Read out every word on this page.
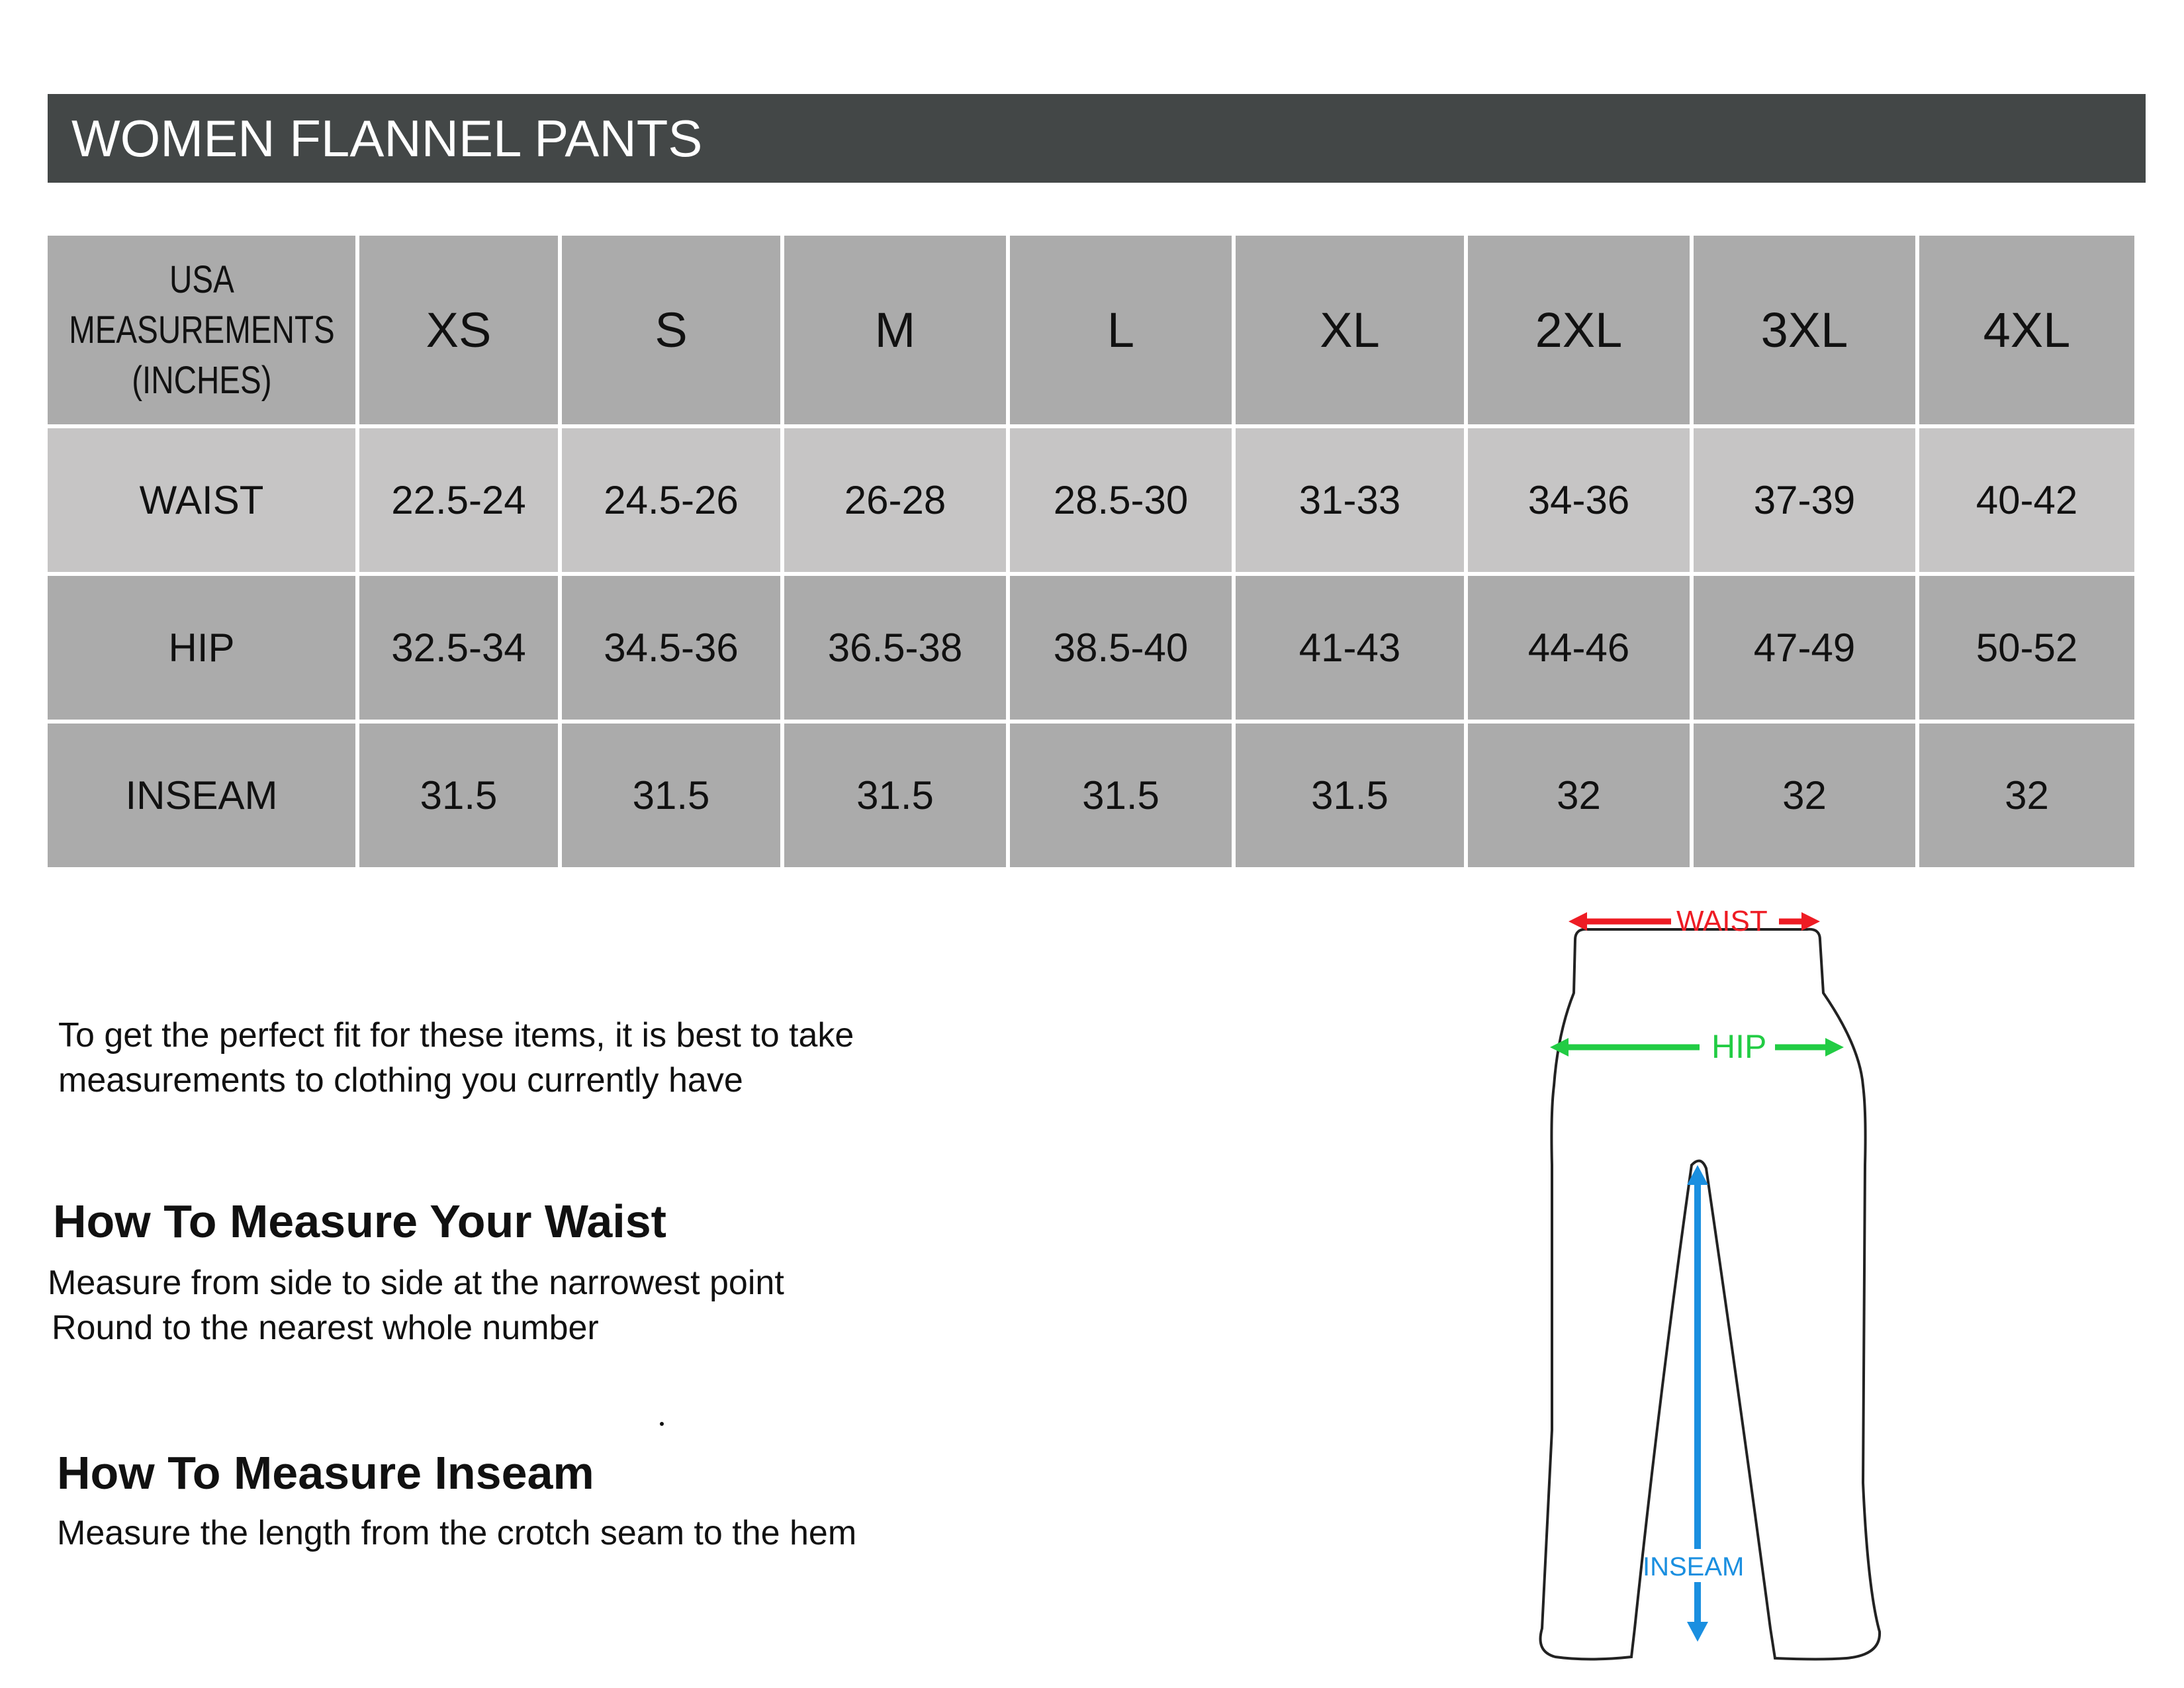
WOMEN FLANNEL PANTS
USA
MEASUREMENTS
(INCHES)
XS	S	M	L	XL	2XL	3XL	4XL
WAIST	22.5-24	24.5-26	26-28	28.5-30	31-33	34-36	37-39	40-42
HIP	32.5-34	34.5-36	36.5-38	38.5-40	41-43	44-46	47-49	50-52
INSEAM	31.5	31.5	31.5	31.5	31.5	32	32	32
To get the perfect fit for these items, it is best to take
measurements to clothing you currently have
How To Measure Your Waist
Measure from side to side at the narrowest point
Round to the nearest whole number
How To Measure Inseam
Measure the length from the crotch seam to the hem
WAIST
HIP
INSEAM
